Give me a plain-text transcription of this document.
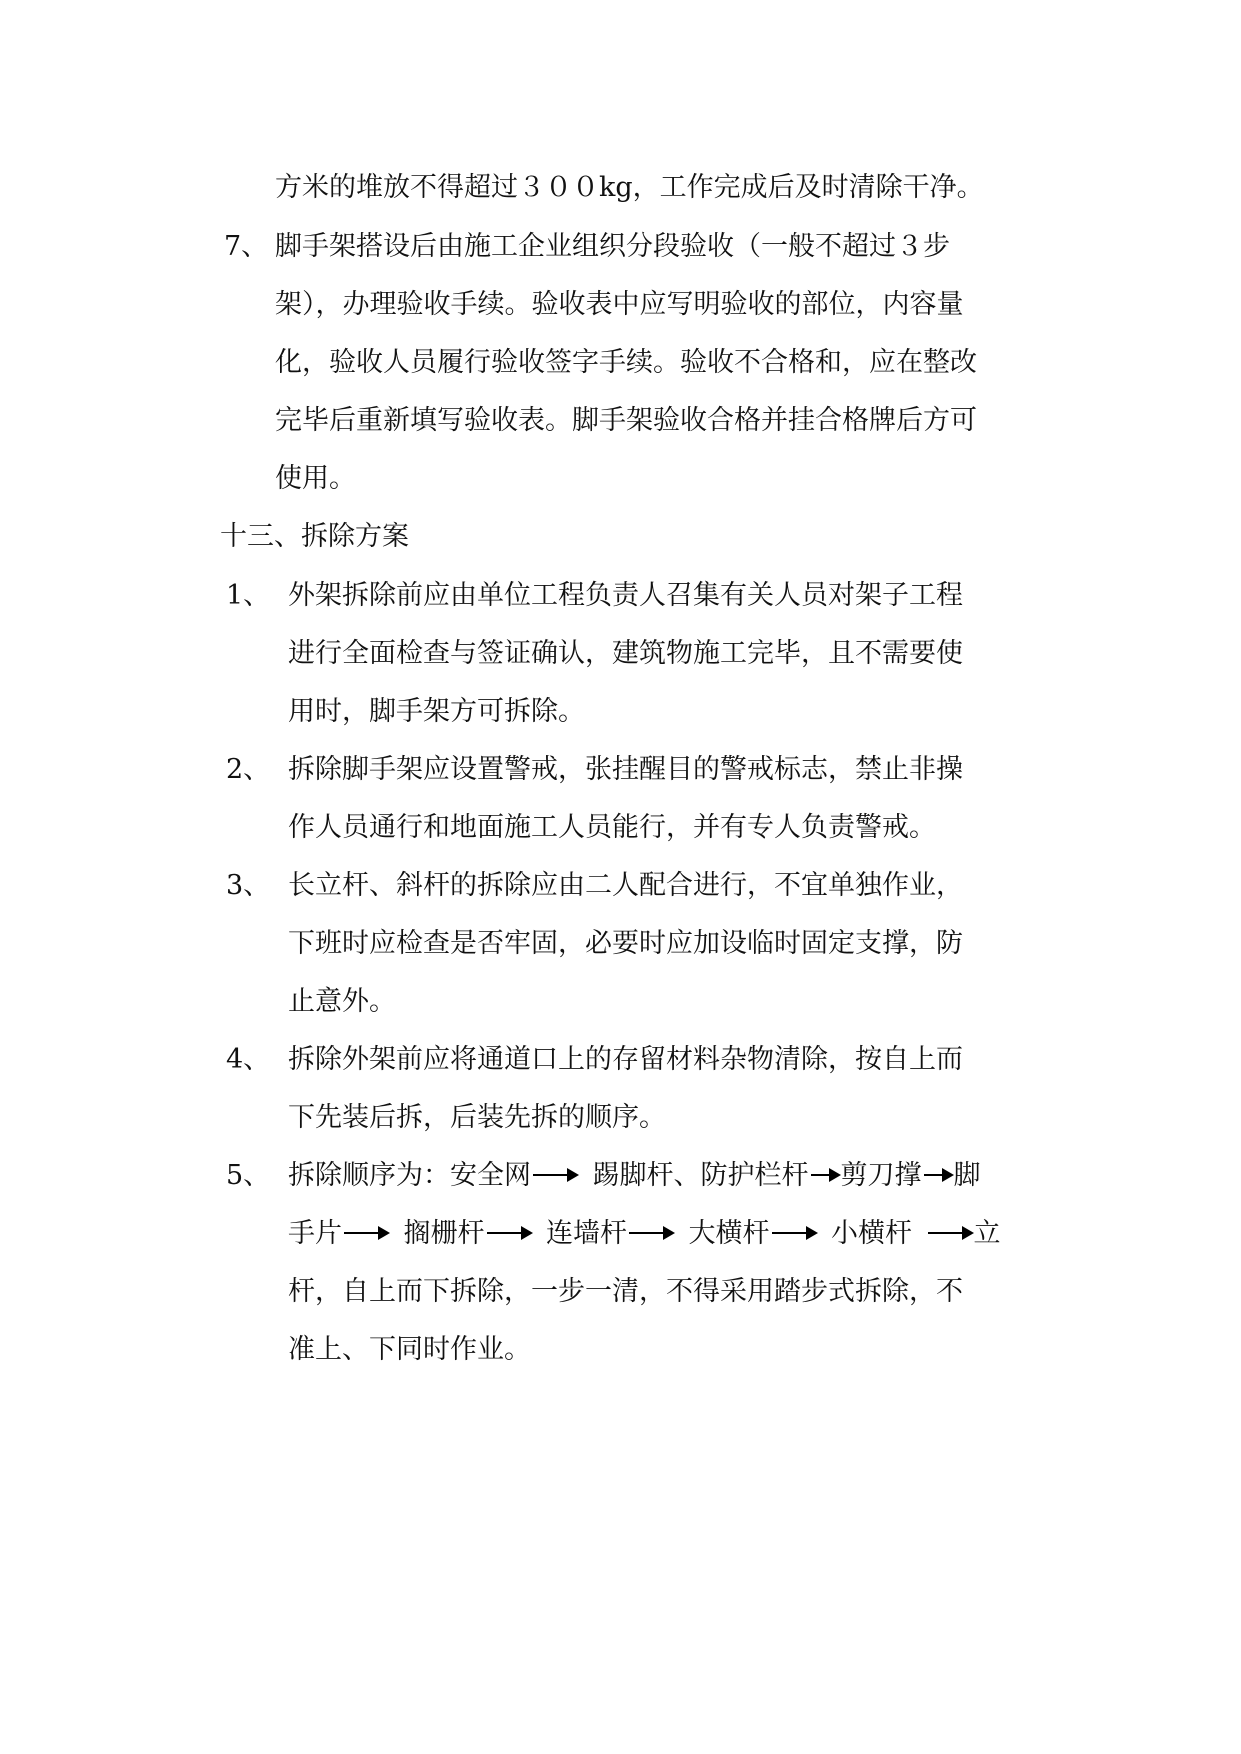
方米的堆放不得超过３００kg，工作完成后及时清除干净。
7、 脚手架搭设后由施工企业组织分段验收（一般不超过３步
架），办理验收手续。验收表中应写明验收的部位，内容量
化，验收人员履行验收签字手续。验收不合格和，应在整改
完毕后重新填写验收表。脚手架验收合格并挂合格牌后方可
使用。
十三、拆除方案
1、 外架拆除前应由单位工程负责人召集有关人员对架子工程
进行全面检查与签证确认，建筑物施工完毕，且不需要使
用时，脚手架方可拆除。
2、 拆除脚手架应设置警戒，张挂醒目的警戒标志，禁止非操
作人员通行和地面施工人员能行，并有专人负责警戒。
3、 长立杆、斜杆的拆除应由二人配合进行，不宜单独作业，
下班时应检查是否牢固，必要时应加设临时固定支撑，防
止意外。
4、 拆除外架前应将通道口上的存留材料杂物清除，按自上而
下先装后拆，后装先拆的顺序。
5、 拆除顺序为：安全网  踢脚杆、防护栏杆 剪刀撑 脚
手片  搁栅杆  连墙杆  大横杆  小横杆  立
杆，自上而下拆除，一步一清，不得采用踏步式拆除，不
准上、下同时作业。
